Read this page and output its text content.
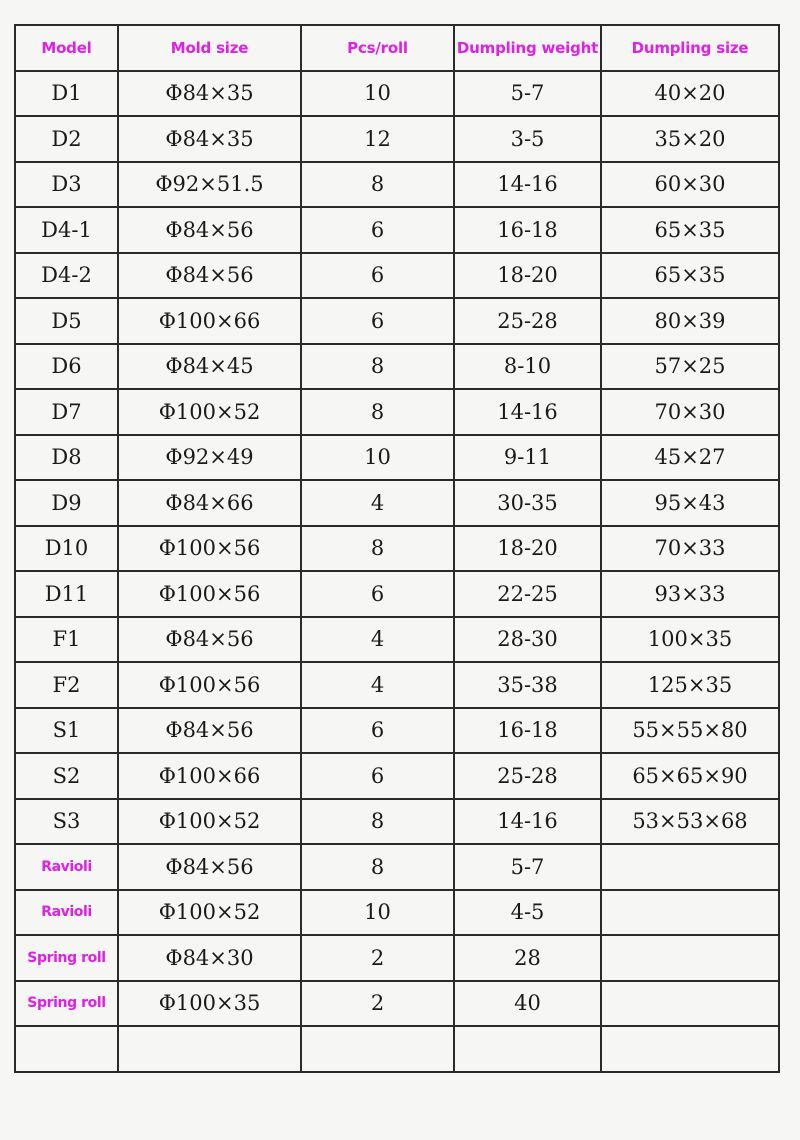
Model	Mold size	Pcs/roll	Dumpling weight	Dumpling size
D1	Φ84×35	10	5-7	40×20
D2	Φ84×35	12	3-5	35×20
D3	Φ92×51.5	8	14-16	60×30
D4-1	Φ84×56	6	16-18	65×35
D4-2	Φ84×56	6	18-20	65×35
D5	Φ100×66	6	25-28	80×39
D6	Φ84×45	8	8-10	57×25
D7	Φ100×52	8	14-16	70×30
D8	Φ92×49	10	9-11	45×27
D9	Φ84×66	4	30-35	95×43
D10	Φ100×56	8	18-20	70×33
D11	Φ100×56	6	22-25	93×33
F1	Φ84×56	4	28-30	100×35
F2	Φ100×56	4	35-38	125×35
S1	Φ84×56	6	16-18	55×55×80
S2	Φ100×66	6	25-28	65×65×90
S3	Φ100×52	8	14-16	53×53×68
Ravioli	Φ84×56	8	5-7	
Ravioli	Φ100×52	10	4-5	
Spring roll	Φ84×30	2	28	
Spring roll	Φ100×35	2	40	
